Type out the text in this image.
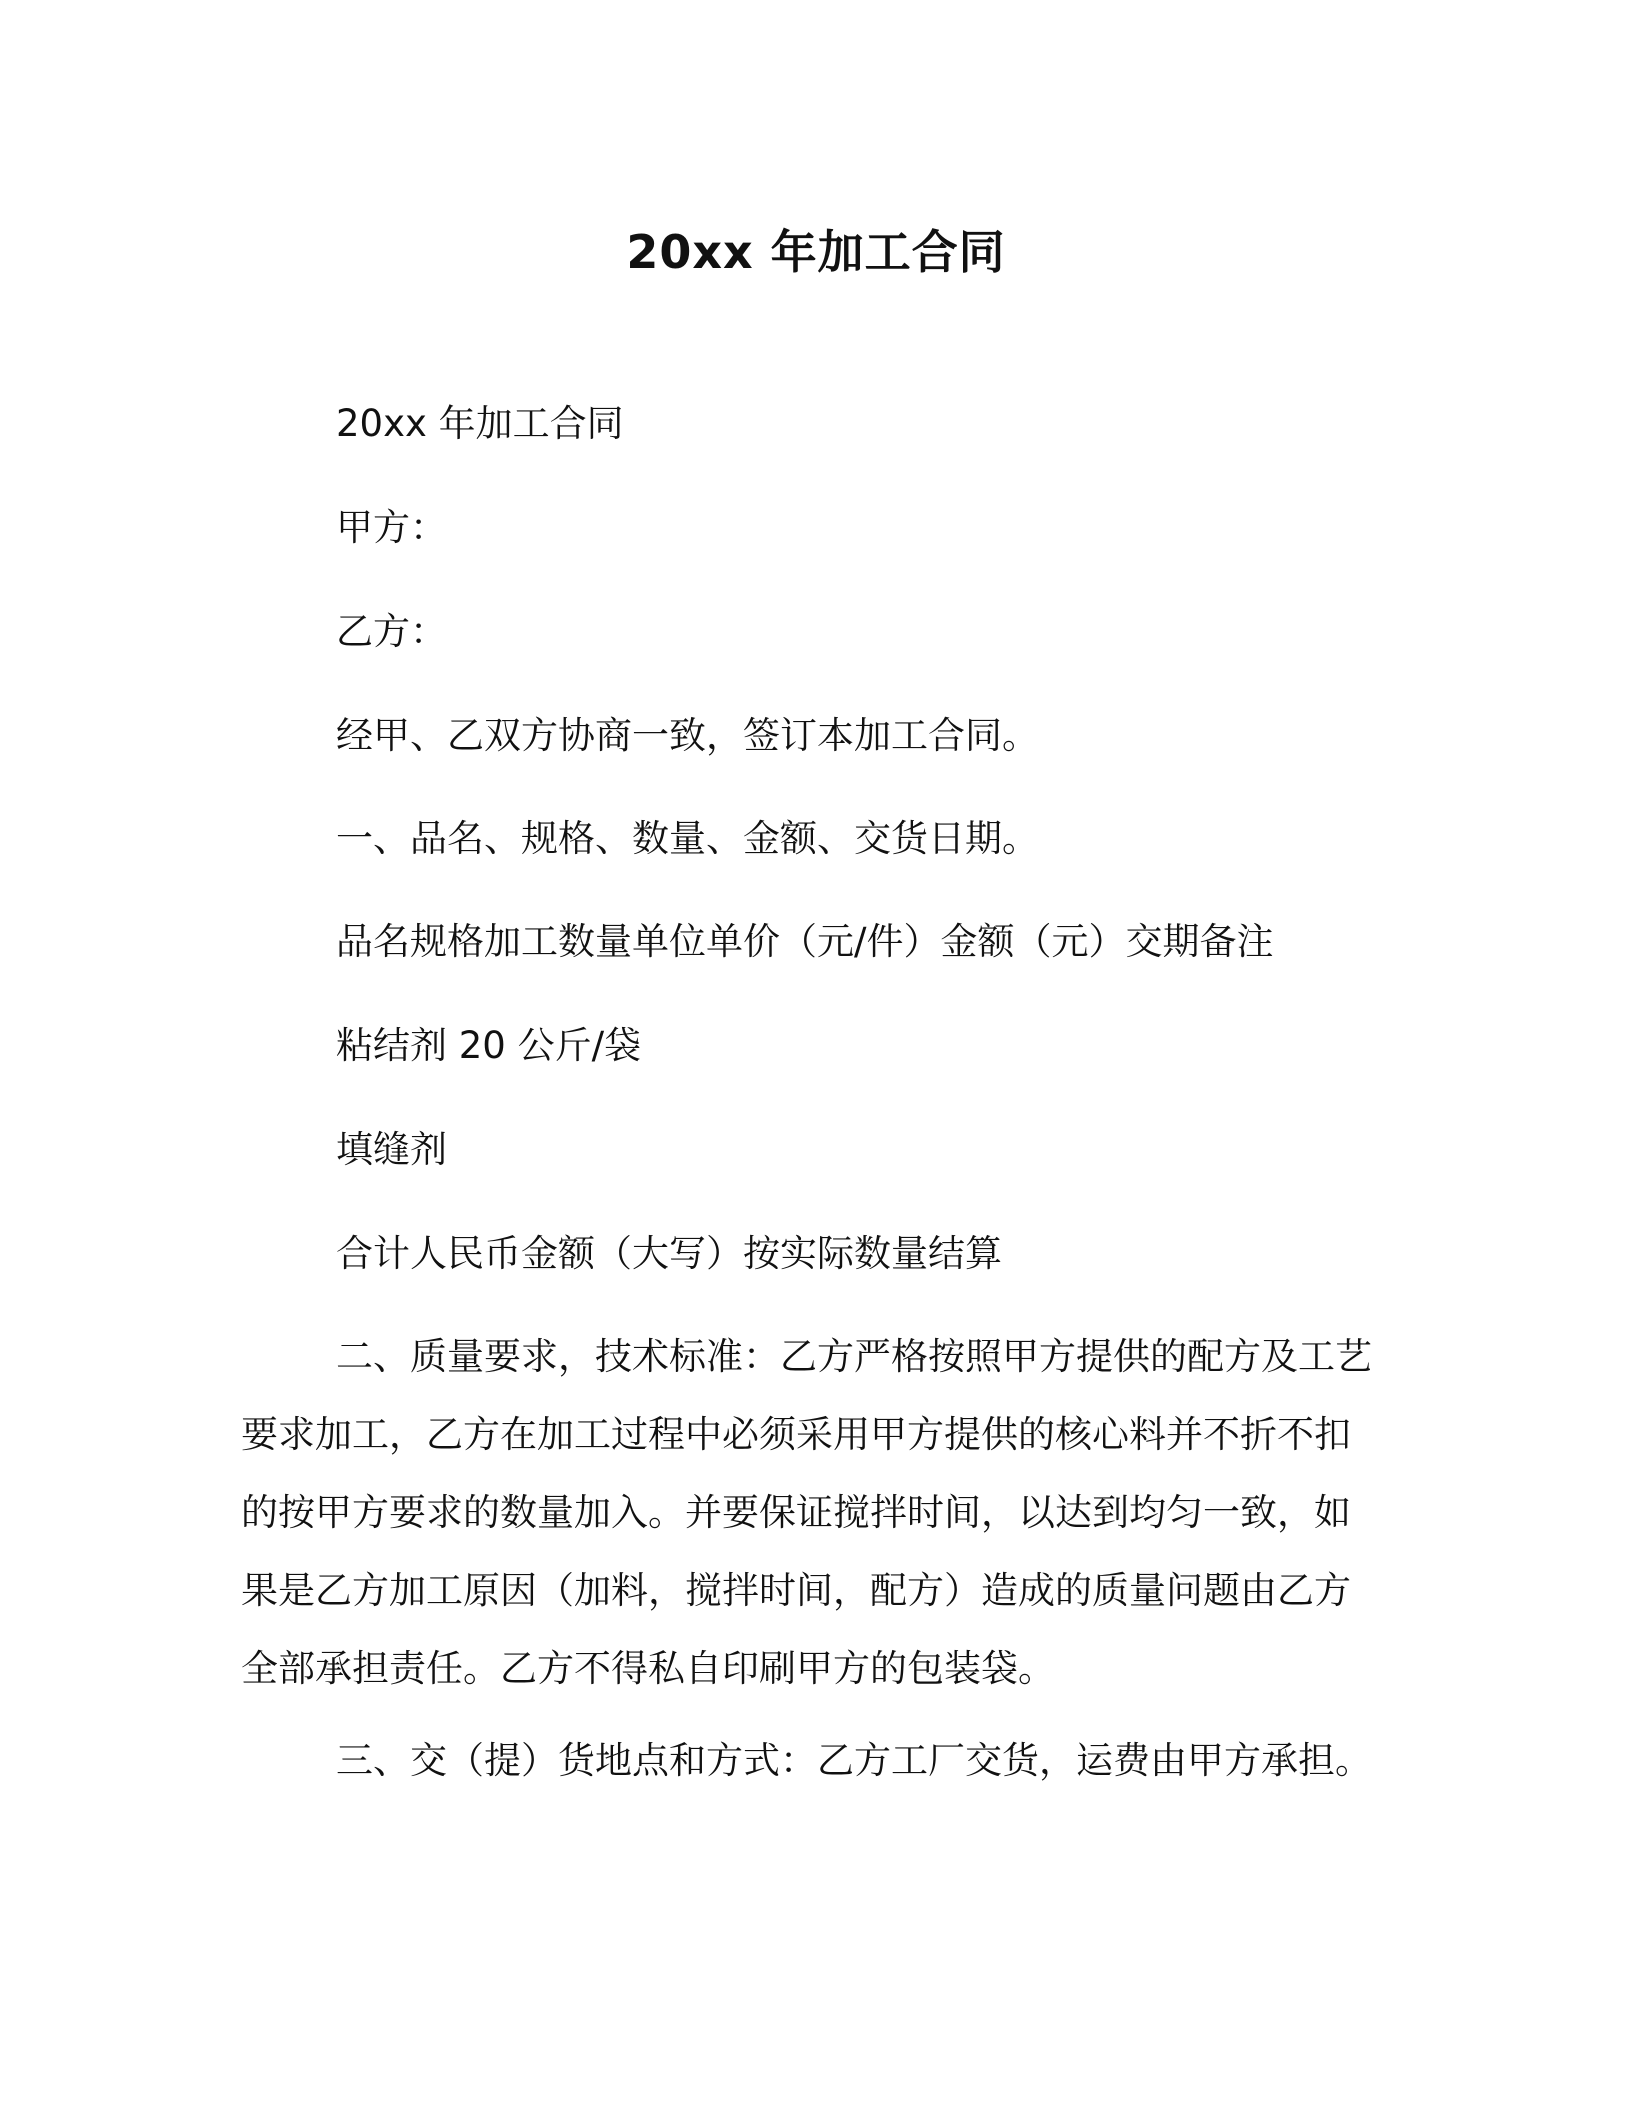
20xx 年加工合同
20xx 年加工合同
甲方：
乙方：
经甲、乙双方协商一致，签订本加工合同。
一、品名、规格、数量、金额、交货日期。
品名规格加工数量单位单价（元/件）金额（元）交期备注
粘结剂 20 公斤/袋
填缝剂
合计人民币金额（大写）按实际数量结算
二、质量要求，技术标准：乙方严格按照甲方提供的配方及工艺
要求加工，乙方在加工过程中必须采用甲方提供的核心料并不折不扣
的按甲方要求的数量加入。并要保证搅拌时间，以达到均匀一致，如
果是乙方加工原因（加料，搅拌时间，配方）造成的质量问题由乙方
全部承担责任。乙方不得私自印刷甲方的包装袋。
三、交（提）货地点和方式：乙方工厂交货，运费由甲方承担。
